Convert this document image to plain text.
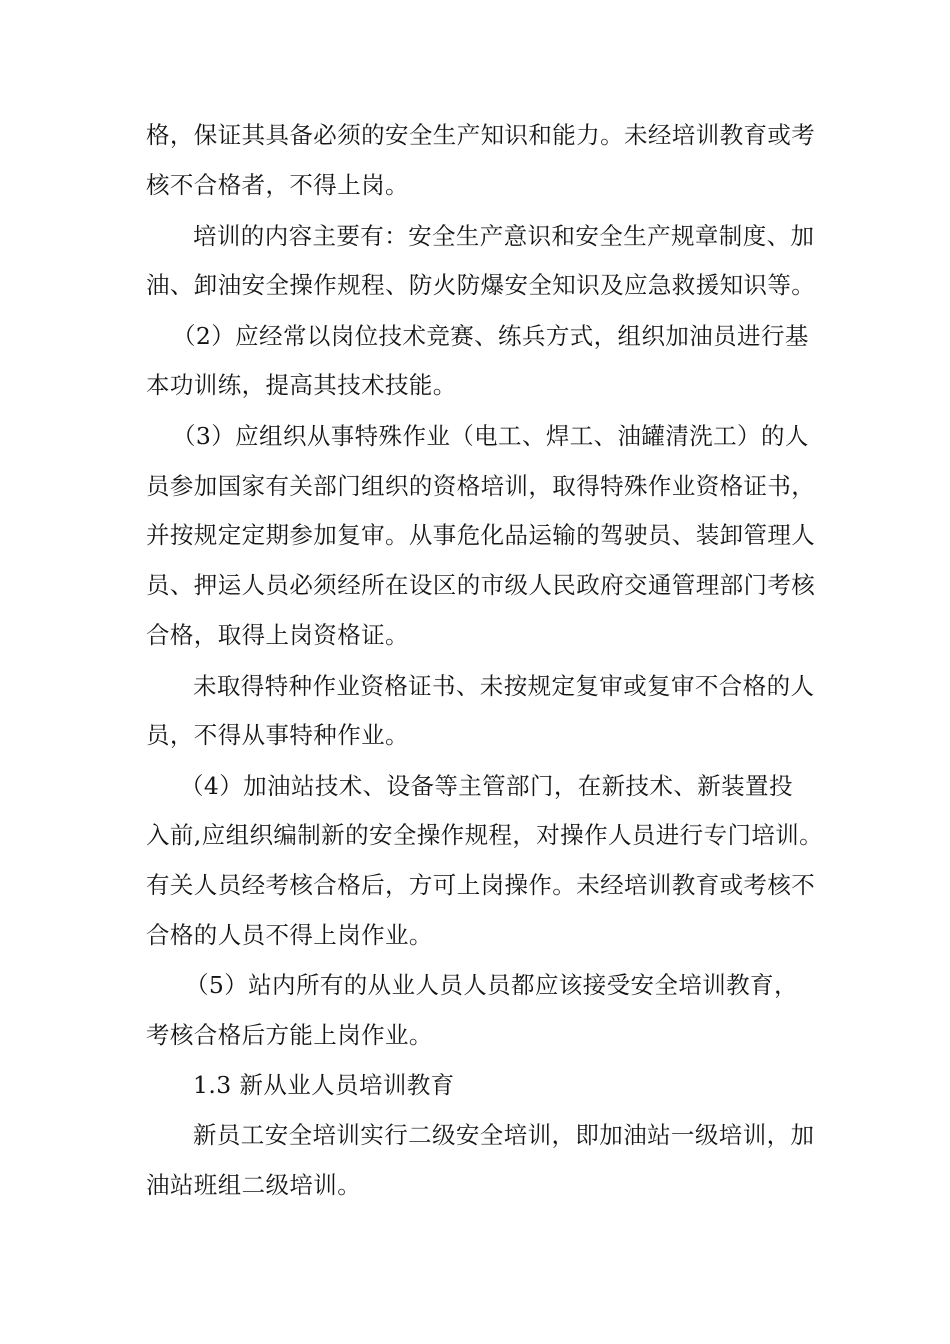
格，保证其具备必须的安全生产知识和能力。未经培训教育或考
核不合格者，不得上岗。
培训的内容主要有：安全生产意识和安全生产规章制度、加
油、卸油安全操作规程、防火防爆安全知识及应急救援知识等。
（2）应经常以岗位技术竞赛、练兵方式，组织加油员进行基
本功训练，提高其技术技能。
（3）应组织从事特殊作业（电工、焊工、油罐清洗工）的人
员参加国家有关部门组织的资格培训，取得特殊作业资格证书，
并按规定定期参加复审。从事危化品运输的驾驶员、装卸管理人
员、押运人员必须经所在设区的市级人民政府交通管理部门考核
合格，取得上岗资格证。
未取得特种作业资格证书、未按规定复审或复审不合格的人
员，不得从事特种作业。
（4）加油站技术、设备等主管部门，在新技术、新装置投
入前,应组织编制新的安全操作规程，对操作人员进行专门培训。
有关人员经考核合格后，方可上岗操作。未经培训教育或考核不
合格的人员不得上岗作业。
（5）站内所有的从业人员人员都应该接受安全培训教育，
考核合格后方能上岗作业。
1.3 新从业人员培训教育
新员工安全培训实行二级安全培训，即加油站一级培训，加
油站班组二级培训。
